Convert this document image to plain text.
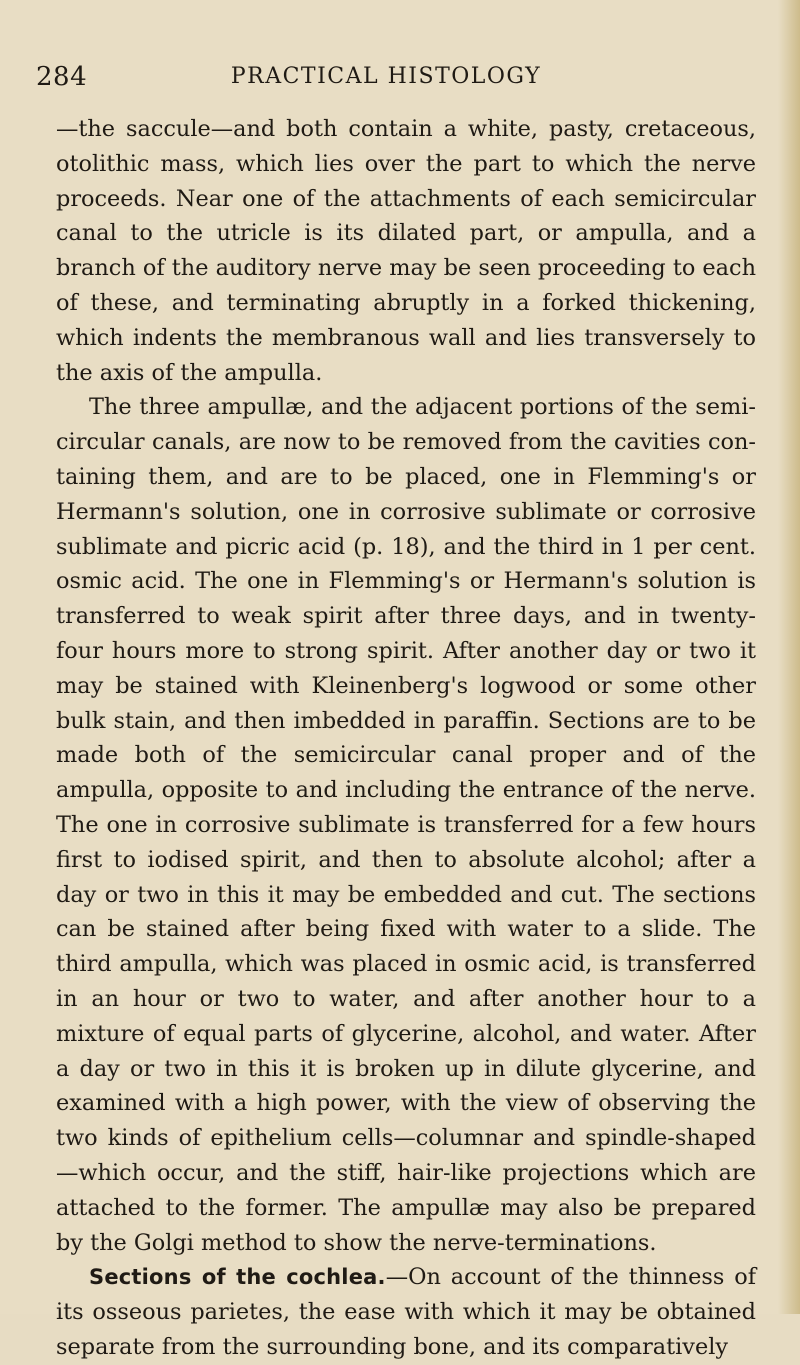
284	PRACTICAL HISTOLOGY

—the saccule—and both contain a white, pasty, cretaceous, otolithic mass, which lies over the part to which the nerve proceeds. Near one of the attachments of each semicircular canal to the utricle is its dilated part, or ampulla, and a branch of the auditory nerve may be seen proceeding to each of these, and terminating abruptly in a forked thickening, which indents the membranous wall and lies transversely to the axis of the ampulla.

The three ampullæ, and the adjacent portions of the semicircular canals, are now to be removed from the cavities containing them, and are to be placed, one in Flemming's or Hermann's solution, one in corrosive sublimate or corrosive sublimate and picric acid (p. 18), and the third in 1 per cent. osmic acid. The one in Flemming's or Hermann's solution is transferred to weak spirit after three days, and in twenty-four hours more to strong spirit. After another day or two it may be stained with Kleinenberg's logwood or some other bulk stain, and then imbedded in paraffin. Sections are to be made both of the semicircular canal proper and of the ampulla, opposite to and including the entrance of the nerve. The one in corrosive sublimate is transferred for a few hours first to iodised spirit, and then to absolute alcohol; after a day or two in this it may be embedded and cut. The sections can be stained after being fixed with water to a slide. The third ampulla, which was placed in osmic acid, is transferred in an hour or two to water, and after another hour to a mixture of equal parts of glycerine, alcohol, and water. After a day or two in this it is broken up in dilute glycerine, and examined with a high power, with the view of observing the two kinds of epithelium cells—columnar and spindle-shaped—which occur, and the stiff, hair-like projections which are attached to the former. The ampullæ may also be prepared by the Golgi method to show the nerve-terminations.

Sections of the cochlea.—On account of the thinness of its osseous parietes, the ease with which it may be obtained separate from the surrounding bone, and its comparatively
